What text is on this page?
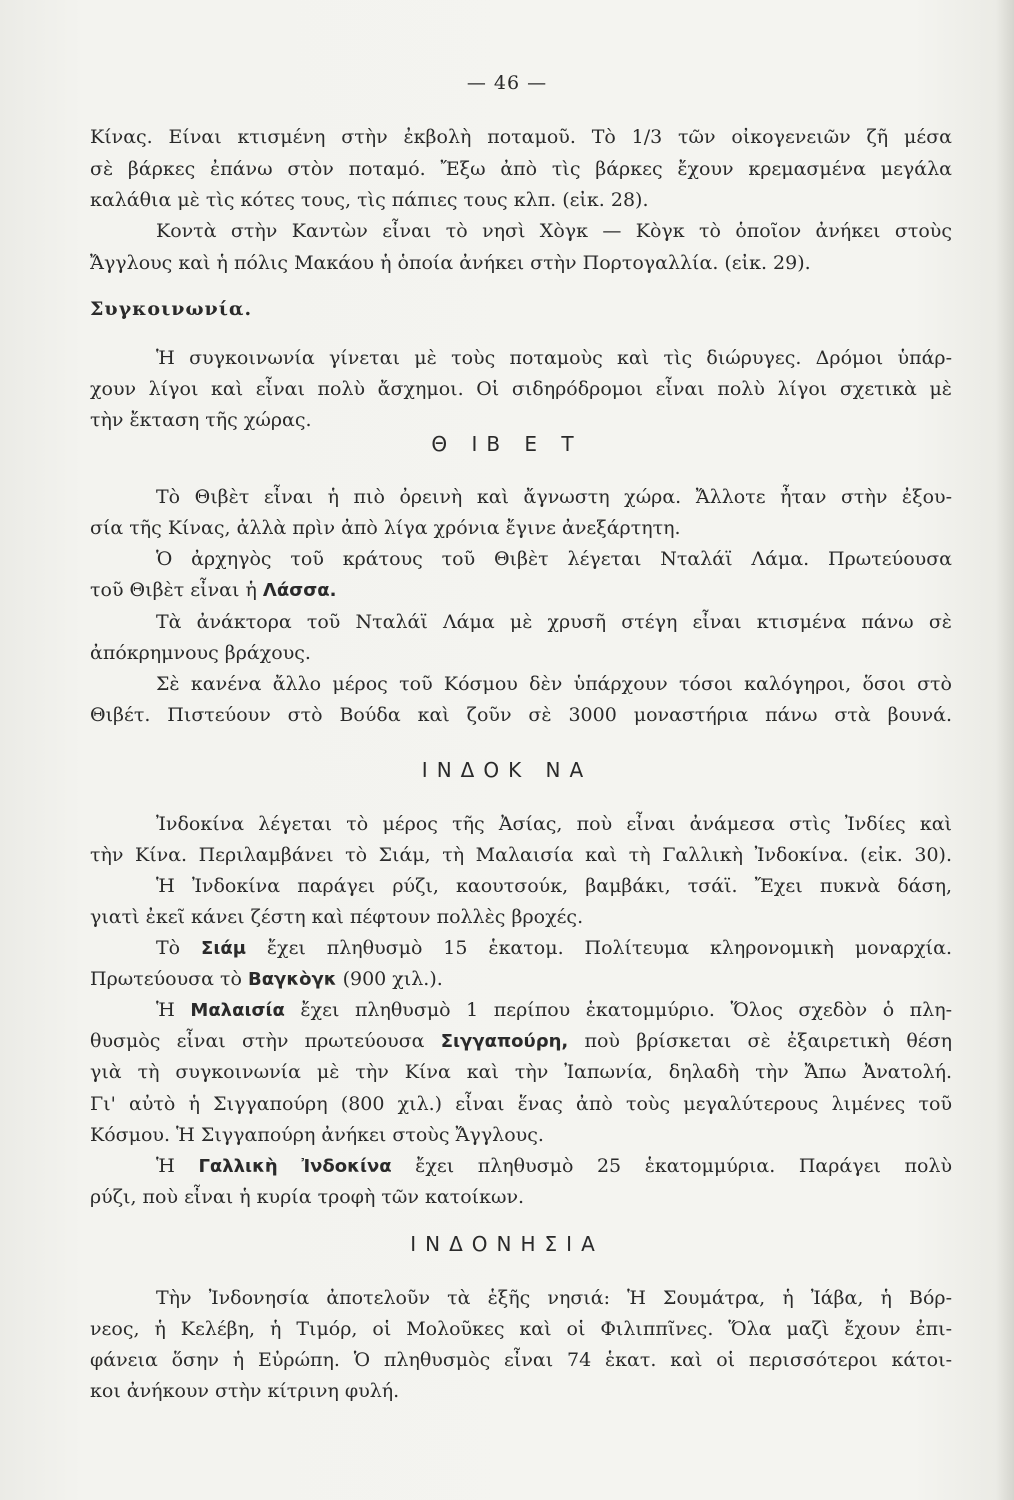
— 46 —
Κίνας. Είναι κτισμένη στὴν ἐκβολὴ ποταμοῦ. Τὸ 1/3 τῶν οἰκογενειῶν ζῆ μέσα
σὲ βάρκες ἐπάνω στὸν ποταμό. Ἔξω ἀπὸ τὶς βάρκες ἔχουν κρεμασμένα μεγάλα
καλάθια μὲ τὶς κότες τους, τὶς πάπιες τους κλπ. (εἰκ. 28).
Κοντὰ στὴν Καντὼν εἶναι τὸ νησὶ Χὸγκ — Κὸγκ τὸ ὁποῖον ἀνήκει στοὺς
Ἄγγλους καὶ ἡ πόλις Μακάου ἡ ὁποία ἀνήκει στὴν Πορτογαλλία. (εἰκ. 29).
Συγκοινωνία.
Ἡ συγκοινωνία γίνεται μὲ τοὺς ποταμοὺς καὶ τὶς διώρυγες. Δρόμοι ὑπάρ-
χουν λίγοι καὶ εἶναι πολὺ ἄσχημοι. Οἱ σιδηρόδρομοι εἶναι πολὺ λίγοι σχετικὰ μὲ
τὴν ἔκταση τῆς χώρας.
Θ ΙΒ Ε Τ
Τὸ Θιβὲτ εἶναι ἡ πιὸ ὀρεινὴ καὶ ἄγνωστη χώρα. Ἄλλοτε ἦταν στὴν ἐξου-
σία τῆς Κίνας, ἀλλὰ πρὶν ἀπὸ λίγα χρόνια ἔγινε ἀνεξάρτητη.
Ὁ ἀρχηγὸς τοῦ κράτους τοῦ Θιβὲτ λέγεται Νταλάϊ Λάμα. Πρωτεύουσα
τοῦ Θιβὲτ εἶναι ἡ Λάσσα.
Τὰ ἀνάκτορα τοῦ Νταλάϊ Λάμα μὲ χρυσῆ στέγη εἶναι κτισμένα πάνω σὲ
ἀπόκρημνους βράχους.
Σὲ κανένα ἄλλο μέρος τοῦ Κόσμου δὲν ὑπάρχουν τόσοι καλόγηροι, ὅσοι στὸ
Θιβέτ. Πιστεύουν στὸ Βούδα καὶ ζοῦν σὲ 3000 μοναστήρια πάνω στὰ βουνά.
ΙΝΔΟΚ ΝΑ
Ἰνδοκίνα λέγεται τὸ μέρος τῆς Ἀσίας, ποὺ εἶναι ἀνάμεσα στὶς Ἰνδίες καὶ
τὴν Κίνα. Περιλαμβάνει τὸ Σιάμ, τὴ Μαλαισία καὶ τὴ Γαλλικὴ Ἰνδοκίνα. (εἰκ. 30).
Ἡ Ἰνδοκίνα παράγει ρύζι, καουτσούκ, βαμβάκι, τσάϊ. Ἔχει πυκνὰ δάση,
γιατὶ ἐκεῖ κάνει ζέστη καὶ πέφτουν πολλὲς βροχές.
Τὸ Σιάμ ἔχει πληθυσμὸ 15 ἑκατομ. Πολίτευμα κληρονομικὴ μοναρχία.
Πρωτεύουσα τὸ Βαγκὸγκ (900 χιλ.).
Ἡ Μαλαισία ἔχει πληθυσμὸ 1 περίπου ἑκατομμύριο. Ὅλος σχεδὸν ὁ πλη-
θυσμὸς εἶναι στὴν πρωτεύουσα Σιγγαπούρη, ποὺ βρίσκεται σὲ ἐξαιρετικὴ θέση
γιὰ τὴ συγκοινωνία μὲ τὴν Κίνα καὶ τὴν Ἰαπωνία, δηλαδὴ τὴν Ἄπω Ἀνατολή.
Γι' αὐτὸ ἡ Σιγγαπούρη (800 χιλ.) εἶναι ἕνας ἀπὸ τοὺς μεγαλύτερους λιμένες τοῦ
Κόσμου. Ἡ Σιγγαπούρη ἀνήκει στοὺς Ἄγγλους.
Ἡ Γαλλικὴ Ἰνδοκίνα ἔχει πληθυσμὸ 25 ἑκατομμύρια. Παράγει πολὺ
ρύζι, ποὺ εἶναι ἡ κυρία τροφὴ τῶν κατοίκων.
ΙΝΔΟΝΗΣΙΑ
Τὴν Ἰνδονησία ἀποτελοῦν τὰ ἑξῆς νησιά: Ἡ Σουμάτρα, ἡ Ἰάβα, ἡ Βόρ-
νεος, ἡ Κελέβη, ἡ Τιμόρ, οἱ Μολοῦκες καὶ οἱ Φιλιππῖνες. Ὅλα μαζὶ ἔχουν ἐπι-
φάνεια ὅσην ἡ Εὐρώπη. Ὁ πληθυσμὸς εἶναι 74 ἑκατ. καὶ οἱ περισσότεροι κάτοι-
κοι ἀνήκουν στὴν κίτρινη φυλή.
